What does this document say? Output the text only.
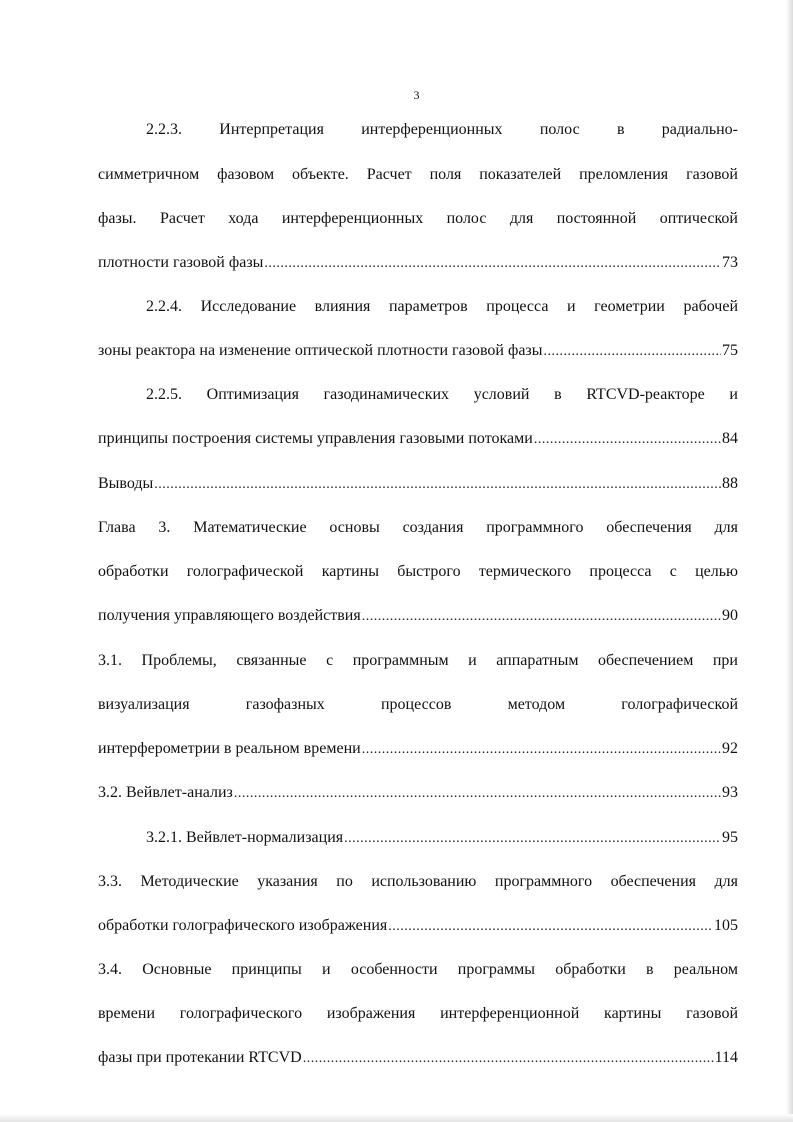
3
2.2.3. Интерпретация интерференционных полос в радиально-
симметричном фазовом объекте. Расчет поля показателей преломления газовой
фазы. Расчет хода интерференционных полос для постоянной оптической
плотности газовой фазы .....	73
2.2.4. Исследование влияния параметров процесса и геометрии рабочей
зоны реактора на изменение оптической плотности газовой фазы .....	75
2.2.5. Оптимизация газодинамических условий в RTCVD-реакторе и
принципы построения системы управления газовыми потоками .....	84
Выводы .....	88
Глава 3. Математические основы создания программного обеспечения для
обработки голографической картины быстрого термического процесса с целью
получения управляющего воздействия .....	90
3.1. Проблемы, связанные с программным и аппаратным обеспечением при
визуализация газофазных процессов методом голографической
интерферометрии в реальном времени .....	92
3.2. Вейвлет-анализ .....	93
3.2.1. Вейвлет-нормализация .....	95
3.3. Методические указания по использованию программного обеспечения для
обработки голографического изображения .....	105
3.4. Основные принципы и особенности программы обработки в реальном
времени голографического изображения интерференционной картины газовой
фазы при протекании RTCVD .....	114
